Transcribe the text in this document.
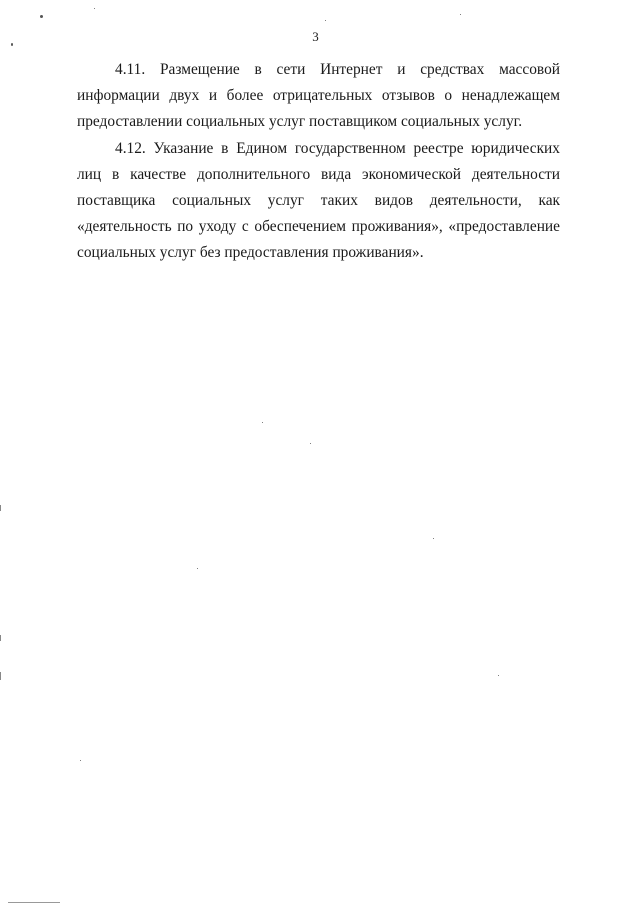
3

4.11. Размещение в сети Интернет и средствах массовой информации двух и более отрицательных отзывов о ненадлежащем предоставлении социальных услуг поставщиком социальных услуг.

4.12. Указание в Едином государственном реестре юридических лиц в качестве дополнительного вида экономической деятельности поставщика социальных услуг таких видов деятельности, как «деятельность по уходу с обеспечением проживания», «предоставление социальных услуг без предоставления проживания».
